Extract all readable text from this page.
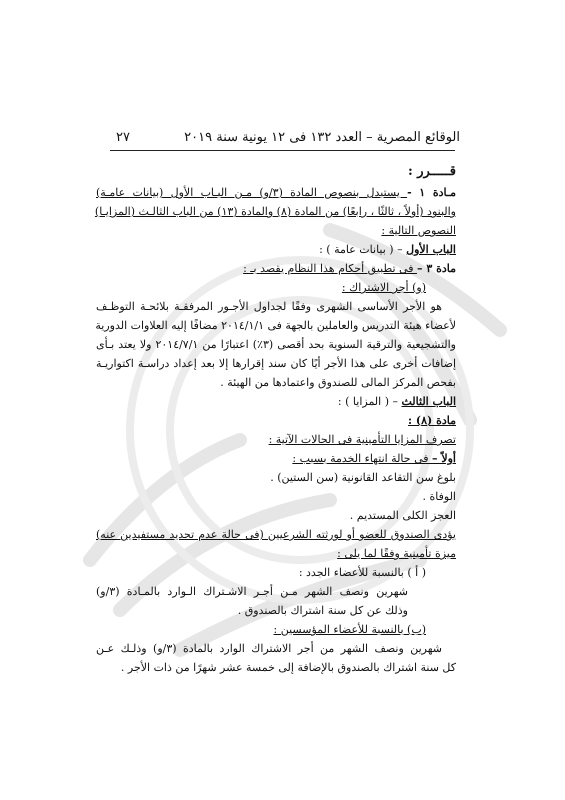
٢٧	الوقائع المصرية – العدد ١٣٢ فى ١٢ يونية سنة ٢٠١٩
قـــــرر :
مـادة ١ - يستبدل بنصوص المادة (٣/و) مـن البـاب الأول (بيانات عامـة)
والبنود (أولاً ، ثالثًا ، رابعًا) من المادة (٨) والمادة (١٣) من الباب الثالـث (المزايـا)
النصوص التالية :
الباب الأول – ( بيانات عامة ) :
مادة ٣ – فى تطبيق أحكام هذا النظام يقصد بـ :
(و) أجر الاشتراك :
هو الأجر الأساسى الشهرى وفقًا لجداول الأجـور المرفقـة بلائحـة التوظـف
لأعضاء هيئة التدريس والعاملين بالجهة فى ٢٠١٤/١/١ مضافًا إليه العلاوات الدورية
والتشجيعية والترقية السنوية بحد أقصى (٣٪) اعتبارًا من ٢٠١٤/٧/١ ولا يعتد بـأى
إضافات أخرى على هذا الأجر أيًا كان سند إقرارها إلا بعد إعداد دراسـة اكتواريـة
بفحص المركز المالى للصندوق واعتمادها من الهيئة .
الباب الثالث – ( المزايا ) :
مادة (٨) :
تصرف المزايا التأمينية فى الحالات الآتية :
أولاً – فى حالة انتهاء الخدمة بسبب :
بلوغ سن التقاعد القانونية (سن الستين) .
الوفاة .
العجز الكلى المستديم .
يؤدى الصندوق للعضو أو لورثته الشرعيين (فى حالة عدم تحديد مستفيدين عنه)
ميزة تأمينية وفقًا لما يلى :
( أ ) بالنسبة للأعضاء الجدد :
شهرين ونصف الشهر مـن أجـر الاشـتراك الـوارد بالمـادة (٣/و)
وذلك عن كل سنة اشتراك بالصندوق .
(ب) بالنسبة للأعضاء المؤسسين :
شهرين ونصف الشهر من أجر الاشتراك الوارد بالمادة (٣/و) وذلـك عـن
كل سنة اشتراك بالصندوق بالإضافة إلى خمسة عشر شهرًا من ذات الأجر .
